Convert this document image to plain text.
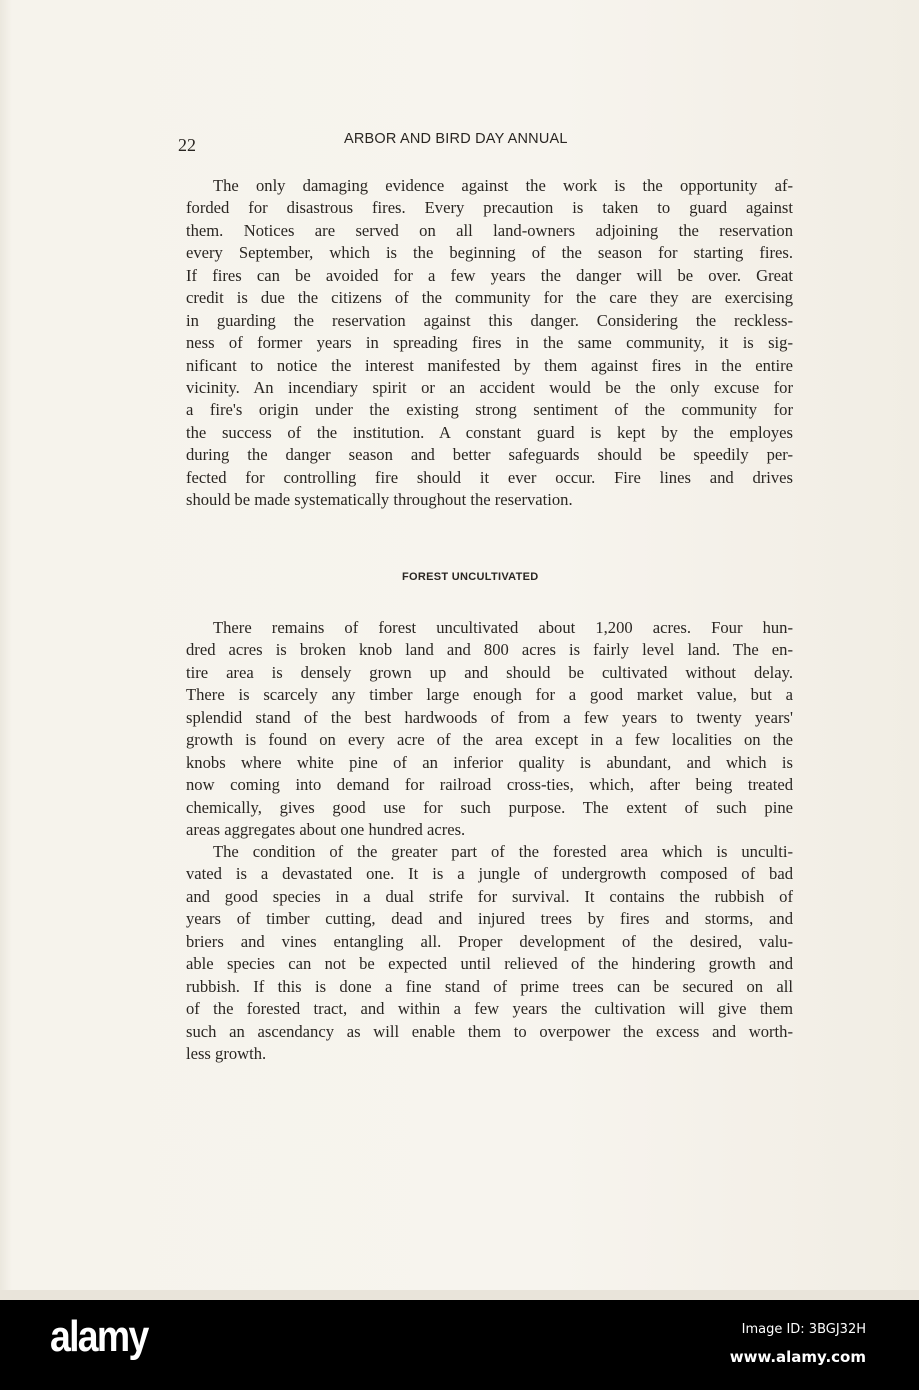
22	ARBOR AND BIRD DAY ANNUAL
The only damaging evidence against the work is the opportunity af-
forded for disastrous fires. Every precaution is taken to guard against
them. Notices are served on all land-owners adjoining the reservation
every September, which is the beginning of the season for starting fires.
If fires can be avoided for a few years the danger will be over. Great
credit is due the citizens of the community for the care they are exercising
in guarding the reservation against this danger. Considering the reckless-
ness of former years in spreading fires in the same community, it is sig-
nificant to notice the interest manifested by them against fires in the entire
vicinity. An incendiary spirit or an accident would be the only excuse for
a fire's origin under the existing strong sentiment of the community for
the success of the institution. A constant guard is kept by the employes
during the danger season and better safeguards should be speedily per-
fected for controlling fire should it ever occur. Fire lines and drives
should be made systematically throughout the reservation.
FOREST UNCULTIVATED
There remains of forest uncultivated about 1,200 acres. Four hun-
dred acres is broken knob land and 800 acres is fairly level land. The en-
tire area is densely grown up and should be cultivated without delay.
There is scarcely any timber large enough for a good market value, but a
splendid stand of the best hardwoods of from a few years to twenty years'
growth is found on every acre of the area except in a few localities on the
knobs where white pine of an inferior quality is abundant, and which is
now coming into demand for railroad cross-ties, which, after being treated
chemically, gives good use for such purpose. The extent of such pine
areas aggregates about one hundred acres.
The condition of the greater part of the forested area which is unculti-
vated is a devastated one. It is a jungle of undergrowth composed of bad
and good species in a dual strife for survival. It contains the rubbish of
years of timber cutting, dead and injured trees by fires and storms, and
briers and vines entangling all. Proper development of the desired, valu-
able species can not be expected until relieved of the hindering growth and
rubbish. If this is done a fine stand of prime trees can be secured on all
of the forested tract, and within a few years the cultivation will give them
such an ascendancy as will enable them to overpower the excess and worth-
less growth.
alamy	Image ID: 3BGJ32H
www.alamy.com
